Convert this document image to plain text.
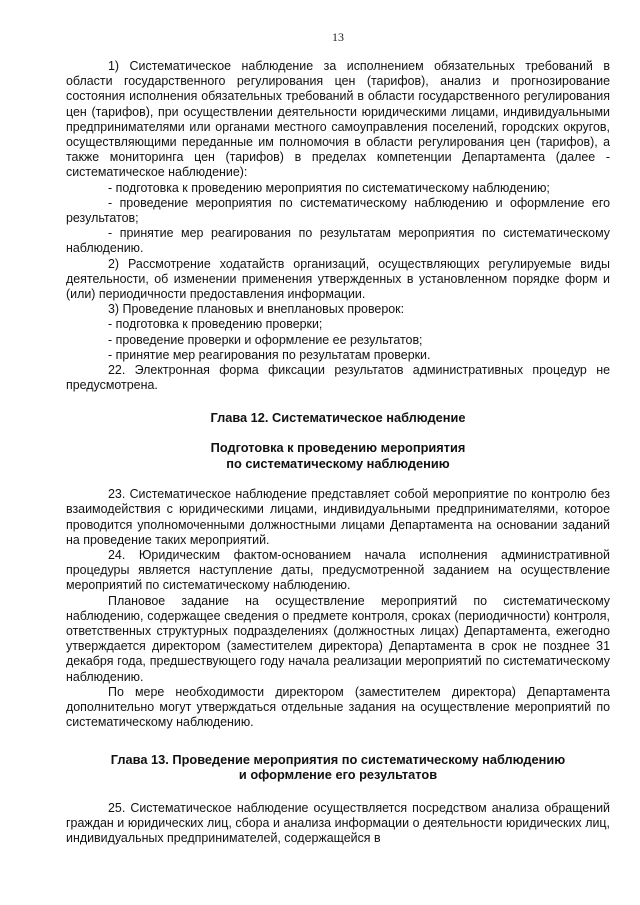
13

1) Систематическое наблюдение за исполнением обязательных требований в области государственного регулирования цен (тарифов), анализ и прогнозирование состояния исполнения обязательных требований в области государственного регулирования цен (тарифов), при осуществлении деятельности юридическими лицами, индивидуальными предпринимателями или органами местного самоуправления поселений, городских округов, осуществляющими переданные им полномочия в области регулирования цен (тарифов), а также мониторинга цен (тарифов) в пределах компетенции Департамента (далее - систематическое наблюдение):

- подготовка к проведению мероприятия по систематическому наблюдению;

- проведение мероприятия по систематическому наблюдению и оформление его результатов;

- принятие мер реагирования по результатам мероприятия по систематическому наблюдению.

2) Рассмотрение ходатайств организаций, осуществляющих регулируемые виды деятельности, об изменении применения утвержденных в установленном порядке форм и (или) периодичности предоставления информации.

3) Проведение плановых и внеплановых проверок:

- подготовка к проведению проверки;

- проведение проверки и оформление ее результатов;

- принятие мер реагирования по результатам проверки.

22. Электронная форма фиксации результатов административных процедур не предусмотрена.

Глава 12. Систематическое наблюдение
Подготовка к проведению мероприятия
по систематическому наблюдению

23. Систематическое наблюдение представляет собой мероприятие по контролю без взаимодействия с юридическими лицами, индивидуальными предпринимателями, которое проводится уполномоченными должностными лицами Департамента на основании заданий на проведение таких мероприятий.

24. Юридическим фактом-основанием начала исполнения административной процедуры является наступление даты, предусмотренной заданием на осуществление мероприятий по систематическому наблюдению.

Плановое задание на осуществление мероприятий по систематическому наблюдению, содержащее сведения о предмете контроля, сроках (периодичности) контроля, ответственных структурных подразделениях (должностных лицах) Департамента, ежегодно утверждается директором (заместителем директора) Департамента в срок не позднее 31 декабря года, предшествующего году начала реализации мероприятий по систематическому наблюдению.

По мере необходимости директором (заместителем директора) Департамента дополнительно могут утверждаться отдельные задания на осуществление мероприятий по систематическому наблюдению.

Глава 13. Проведение мероприятия по систематическому наблюдению
и оформление его результатов

25. Систематическое наблюдение осуществляется посредством анализа обращений граждан и юридических лиц, сбора и анализа информации о деятельности юридических лиц, индивидуальных предпринимателей, содержащейся в
